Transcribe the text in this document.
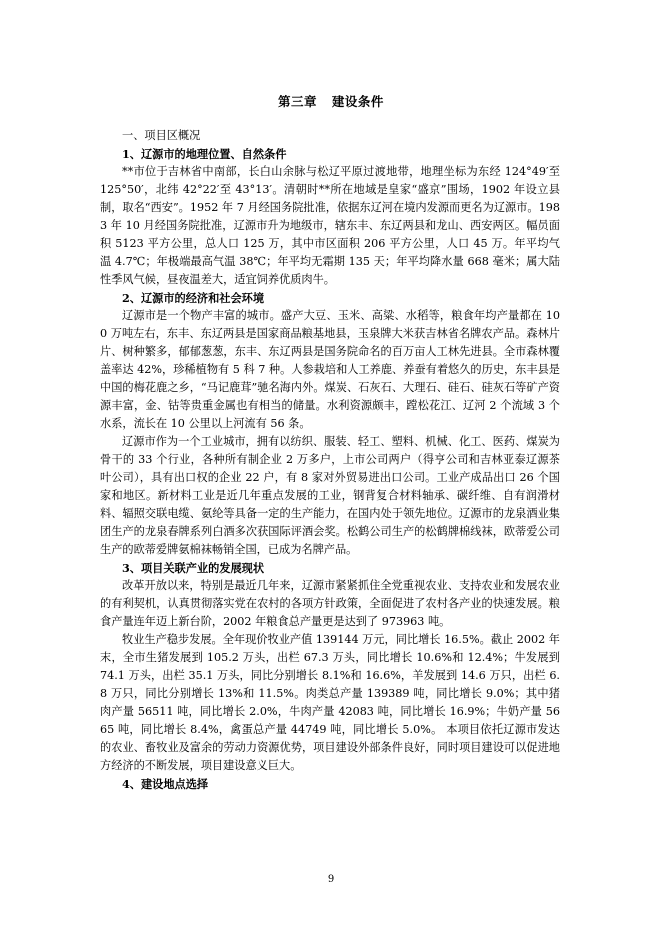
第三章 建设条件

一、项目区概况

1、辽源市的地理位置、自然条件

**市位于吉林省中南部，长白山余脉与松辽平原过渡地带，地理坐标为东经 124°49′至 125°50′，北纬 42°22′至 43°13′。清朝时**所在地域是皇家“盛京”围场，1902 年设立县制，取名“西安”。1952 年 7 月经国务院批准，依据东辽河在境内发源而更名为辽源市。1983 年 10 月经国务院批准，辽源市升为地级市，辖东丰、东辽两县和龙山、西安两区。幅员面积 5123 平方公里，总人口 125 万，其中市区面积 206 平方公里，人口 45 万。年平均气温 4.7℃；年极端最高气温 38℃；年平均无霜期 135 天；年平均降水量 668 毫米；属大陆性季风气候，昼夜温差大，适宜饲养优质肉牛。

2、辽源市的经济和社会环境

辽源市是一个物产丰富的城市。盛产大豆、玉米、高粱、水稻等，粮食年均产量都在 100 万吨左右，东丰、东辽两县是国家商品粮基地县，玉泉牌大米获吉林省名牌农产品。森林片片、树种繁多，郁郁葱葱，东丰、东辽两县是国务院命名的百万亩人工林先进县。全市森林覆盖率达 42%，珍稀植物有 5 科 7 种。人参栽培和人工养鹿、养蚕有着悠久的历史，东丰县是中国的梅花鹿之乡，“马记鹿茸”驰名海内外。煤炭、石灰石、大理石、硅石、硅灰石等矿产资源丰富，金、钴等贵重金属也有相当的储量。水利资源颇丰，蹚松花江、辽河 2 个流域 3 个水系，流长在 10 公里以上河流有 56 条。

辽源市作为一个工业城市，拥有以纺织、服装、轻工、塑料、机械、化工、医药、煤炭为骨干的 33 个行业，各种所有制企业 2 万多户，上市公司两户（得亨公司和吉林亚泰辽源茶叶公司），具有出口权的企业 22 户，有 8 家对外贸易进出口公司。工业产成品出口 26 个国家和地区。新材料工业是近几年重点发展的工业，钢背复合材料轴承、碳纤维、自有润滑材料、辐照交联电缆、氨纶等具备一定的生产能力，在国内处于领先地位。辽源市的龙泉酒业集团生产的龙泉春牌系列白酒多次获国际评酒会奖。松鹤公司生产的松鹤牌棉线袜，欧蒂爱公司生产的欧蒂爱牌氨棉袜畅销全国，已成为名牌产品。

3、项目关联产业的发展现状

改革开放以来，特别是最近几年来，辽源市紧紧抓住全党重视农业、支持农业和发展农业的有利契机，认真贯彻落实党在农村的各项方针政策，全面促进了农村各产业的快速发展。粮食产量连年迈上新台阶，2002 年粮食总产量更是达到了 973963 吨。

牧业生产稳步发展。全年现价牧业产值 139144 万元，同比增长 16.5%。截止 2002 年末，全市生猪发展到 105.2 万头，出栏 67.3 万头，同比增长 10.6%和 12.4%；牛发展到 74.1 万头，出栏 35.1 万头，同比分别增长 8.1%和 16.6%，羊发展到 14.6 万只，出栏 6.8 万只，同比分别增长 13%和 11.5%。肉类总产量 139389 吨，同比增长 9.0%；其中猪肉产量 56511 吨，同比增长 2.0%，牛肉产量 42083 吨，同比增长 16.9%；牛奶产量 5665 吨，同比增长 8.4%，禽蛋总产量 44749 吨，同比增长 5.0%。 本项目依托辽源市发达的农业、畜牧业及富余的劳动力资源优势，项目建设外部条件良好，同时项目建设可以促进地方经济的不断发展，项目建设意义巨大。

4、建设地点选择

9
